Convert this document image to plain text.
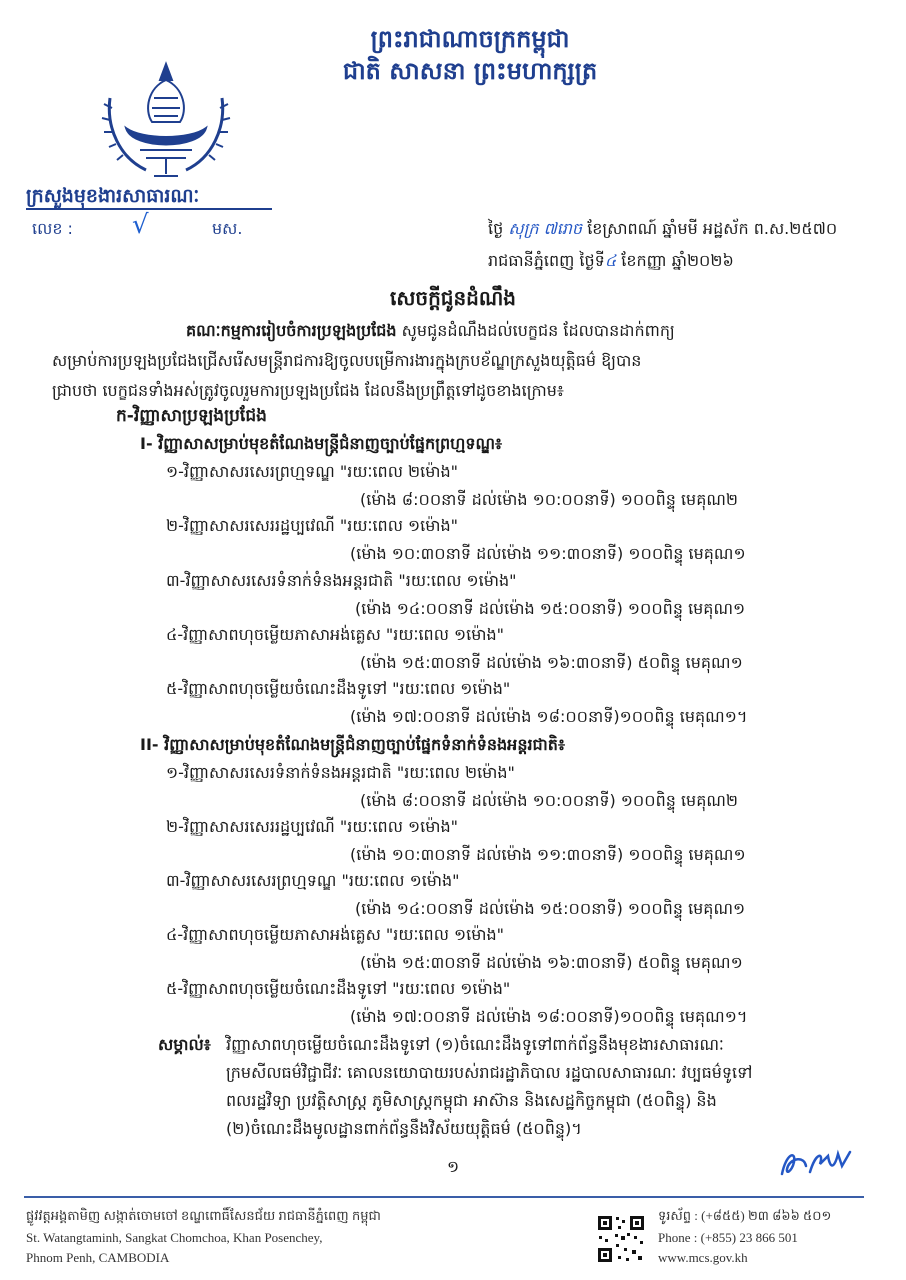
ព្រះរាជាណាចក្រកម្ពុជា
ជាតិ សាសនា ព្រះមហាក្សត្រ
ក្រសួងមុខងារសាធារណៈ
លេខ : √	មស.	ថ្ងៃ សុក្រ ៧រោច ខែស្រាពណ៍ ឆ្នាំមមី អដ្ឋស័ក ព.ស.២៥៧០
រាជធានីភ្នំពេញ ថ្ងៃទី៤ ខែកញ្ញា ឆ្នាំ២០២៦
សេចក្តីជូនដំណឹង
គណៈកម្មការរៀបចំការប្រឡងប្រជែង សូមជូនដំណឹងដល់បេក្ខជន ដែលបានដាក់ពាក្យ
សម្រាប់ការប្រឡងប្រជែងជ្រើសរើសមន្ត្រីរាជការឱ្យចូលបម្រើការងារក្នុងក្របខ័ណ្ឌក្រសួងយុត្តិធម៌ ឱ្យបាន
ជ្រាបថា បេក្ខជនទាំងអស់ត្រូវចូលរួមការប្រឡងប្រជែង ដែលនឹងប្រព្រឹត្តទៅដូចខាងក្រោម៖
ក-វិញ្ញាសាប្រឡងប្រជែង
I- វិញ្ញាសាសម្រាប់មុខតំណែងមន្ត្រីជំនាញច្បាប់ផ្នែកព្រហ្មទណ្ឌ៖
១-វិញ្ញាសាសរសេរព្រហ្មទណ្ឌ "រយៈពេល ២ម៉ោង"
(ម៉ោង ៨:០០នាទី ដល់ម៉ោង ១០:០០នាទី) ១០០ពិន្ទុ មេគុណ២
២-វិញ្ញាសាសរសេររដ្ឋប្បវេណី "រយៈពេល ១ម៉ោង"
(ម៉ោង ១០:៣០នាទី ដល់ម៉ោង ១១:៣០នាទី) ១០០ពិន្ទុ មេគុណ១
៣-វិញ្ញាសាសរសេរទំនាក់ទំនងអន្តរជាតិ "រយៈពេល ១ម៉ោង"
(ម៉ោង ១៤:០០នាទី ដល់ម៉ោង ១៥:០០នាទី) ១០០ពិន្ទុ មេគុណ១
៤-វិញ្ញាសាពហុចម្លើយភាសាអង់គ្លេស "រយៈពេល ១ម៉ោង"
(ម៉ោង ១៥:៣០នាទី ដល់ម៉ោង ១៦:៣០នាទី) ៥០ពិន្ទុ មេគុណ១
៥-វិញ្ញាសាពហុចម្លើយចំណេះដឹងទូទៅ "រយៈពេល ១ម៉ោង"
(ម៉ោង ១៧:០០នាទី ដល់ម៉ោង ១៨:០០នាទី)១០០ពិន្ទុ មេគុណ១។
II- វិញ្ញាសាសម្រាប់មុខតំណែងមន្ត្រីជំនាញច្បាប់ផ្នែកទំនាក់ទំនងអន្តរជាតិ៖
១-វិញ្ញាសាសរសេរទំនាក់ទំនងអន្តរជាតិ "រយៈពេល ២ម៉ោង"
(ម៉ោង ៨:០០នាទី ដល់ម៉ោង ១០:០០នាទី) ១០០ពិន្ទុ មេគុណ២
២-វិញ្ញាសាសរសេររដ្ឋប្បវេណី "រយៈពេល ១ម៉ោង"
(ម៉ោង ១០:៣០នាទី ដល់ម៉ោង ១១:៣០នាទី) ១០០ពិន្ទុ មេគុណ១
៣-វិញ្ញាសាសរសេរព្រហ្មទណ្ឌ "រយៈពេល ១ម៉ោង"
(ម៉ោង ១៤:០០នាទី ដល់ម៉ោង ១៥:០០នាទី) ១០០ពិន្ទុ មេគុណ១
៤-វិញ្ញាសាពហុចម្លើយភាសាអង់គ្លេស "រយៈពេល ១ម៉ោង"
(ម៉ោង ១៥:៣០នាទី ដល់ម៉ោង ១៦:៣០នាទី) ៥០ពិន្ទុ មេគុណ១
៥-វិញ្ញាសាពហុចម្លើយចំណេះដឹងទូទៅ "រយៈពេល ១ម៉ោង"
(ម៉ោង ១៧:០០នាទី ដល់ម៉ោង ១៨:០០នាទី)១០០ពិន្ទុ មេគុណ១។
សម្គាល់៖ វិញ្ញាសាពហុចម្លើយចំណេះដឹងទូទៅ (១)ចំណេះដឹងទូទៅពាក់ព័ន្ធនឹងមុខងារសាធារណៈ
ក្រមសីលធម៌វិជ្ជាជីវៈ គោលនយោបាយរបស់រាជរដ្ឋាភិបាល រដ្ឋបាលសាធារណៈ វប្បធម៌ទូទៅ
ពលរដ្ឋវិទ្យា ប្រវត្តិសាស្ត្រ ភូមិសាស្ត្រកម្ពុជា អាស៊ាន និងសេដ្ឋកិច្ចកម្ពុជា (៥០ពិន្ទុ) និង
(២)ចំណេះដឹងមូលដ្ឋានពាក់ព័ន្ធនឹងវិស័យយុត្តិធម៌ (៥០ពិន្ទុ)។
១
ផ្លូវវត្តអង្គតាមិញ សង្កាត់ចោមចៅ ខណ្ឌពោធិ៍សែនជ័យ រាជធានីភ្នំពេញ កម្ពុជា
St. Watangtaminh, Sangkat Chomchoa, Khan Posenchey,
Phnom Penh, CAMBODIA
ទូរស័ព្ទ : (+៨៥៥) ២៣ ៨៦៦ ៥០១
Phone : (+855) 23 866 501
www.mcs.gov.kh
